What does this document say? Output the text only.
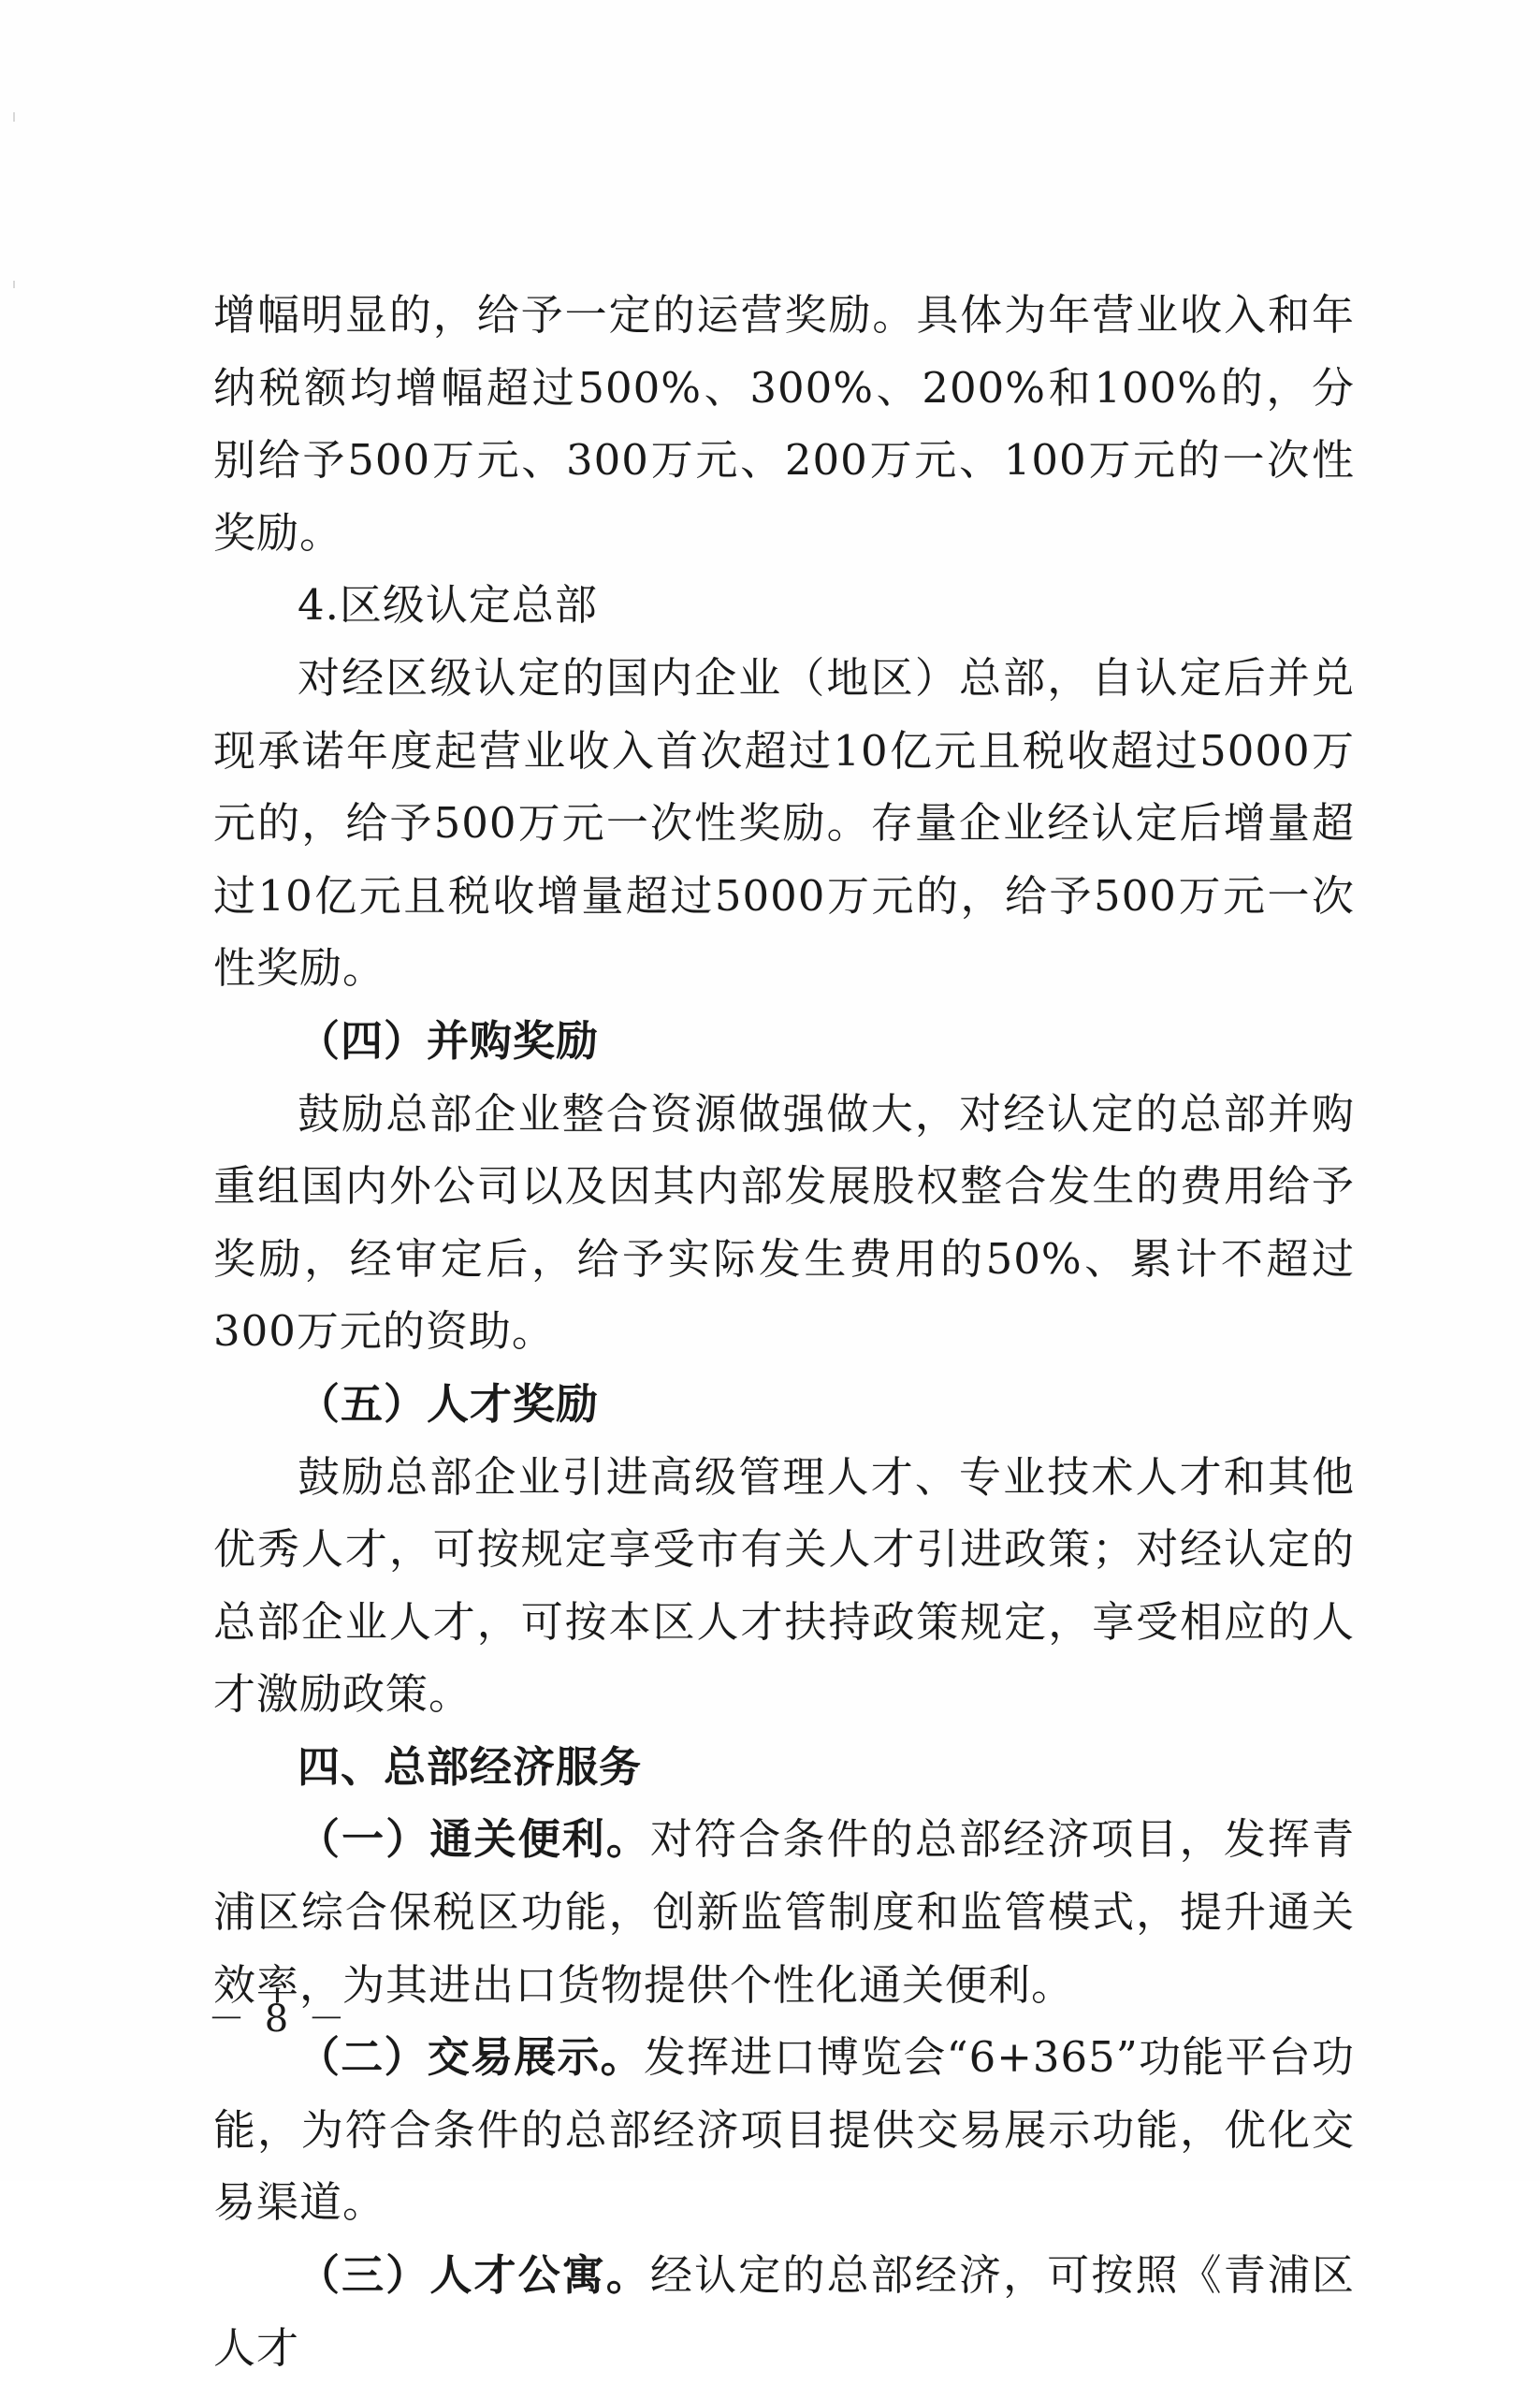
增幅明显的，给予一定的运营奖励。具体为年营业收入和年纳税额均增幅超过500%、300%、200%和100%的，分别给予500万元、300万元、200万元、100万元的一次性奖励。

4.区级认定总部

对经区级认定的国内企业（地区）总部，自认定后并兑现承诺年度起营业收入首次超过10亿元且税收超过5000万元的，给予500万元一次性奖励。存量企业经认定后增量超过10亿元且税收增量超过5000万元的，给予500万元一次性奖励。

（四）并购奖励

鼓励总部企业整合资源做强做大，对经认定的总部并购重组国内外公司以及因其内部发展股权整合发生的费用给予奖励，经审定后，给予实际发生费用的50%、累计不超过300万元的资助。

（五）人才奖励

鼓励总部企业引进高级管理人才、专业技术人才和其他优秀人才，可按规定享受市有关人才引进政策；对经认定的总部企业人才，可按本区人才扶持政策规定，享受相应的人才激励政策。

四、总部经济服务

（一）通关便利。对符合条件的总部经济项目，发挥青浦区综合保税区功能，创新监管制度和监管模式，提升通关效率，为其进出口货物提供个性化通关便利。

（二）交易展示。发挥进口博览会“6+365”功能平台功能，为符合条件的总部经济项目提供交易展示功能，优化交易渠道。

（三）人才公寓。经认定的总部经济，可按照《青浦区人才

－ 8 －
